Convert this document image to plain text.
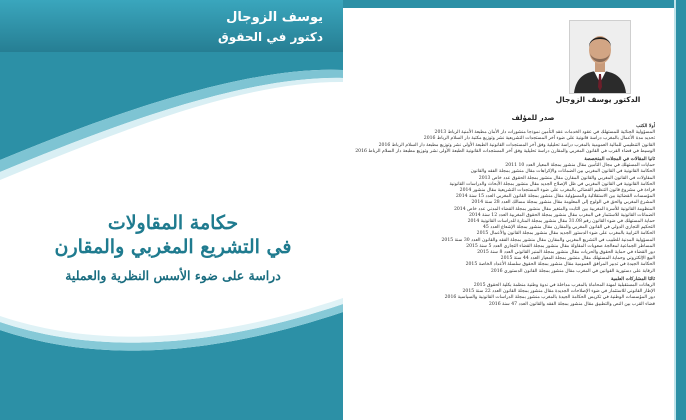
يوسف الزوجال
دكتور في الحقوق
حكامة المقاولات
في التشريع المغربي والمقارن
دراسة على ضوء الأسس النظرية والعملية
الدكتور يوسف الزوجال
صدر للمؤلف

أولا الكتب

المسؤولية الجنائية للمستهلك في عقود الخدمات عقد التأمين نموذجا منشورات دار الأمان مطبعة الأمنية الرباط 2013

تحديد مدة الأعمال بالمغرب دراسة قانونية على ضوء آخر المستجدات التشريعية نشر وتوزيع مكتبة دار السلام الرباط 2016

القانون التنظيمي للمالية العمومية بالمغرب دراسة تحليلية وفق آخر المستجدات القانونية الطبعة الأولى نشر وتوزيع مطبعة دار السلام الرباط 2016

الوسيط في قضاء القرب في القانون المغربي والمقارن دراسة تحليلية وفق آخر المستجدات القانونية الطبعة الأولى نشر وتوزيع مطبعة دار السلام الرباط 2016

ثانيا المقالات في المجلات المتخصصة

حمايات المستهلك في مجال التأمين مقال منشور بمجلة المعيار العدد 10 2011

الحكامة القانونية في القانون المغربي بين الضمانات والإكراهات مقال منشور بمجلة الفقه والقانون

المقاولات في القانون المغربي والقانون المقارن مقال منشور بمجلة الحقوق عدد خاص 2013

الحكامة القانونية في القانون المغربي في ظل الإصلاح الجديد مقال منشور بمجلة الأبحاث والدراسات القانونية

قراءة في مشروع قانون التنظيم القضائي بالمغرب على ضوء المستجدات التشريعية مقال منشور 2014

المؤسسات القضائية بين الاستقلالية والمسؤولية مقال منشور بمجلة القانون المغربي العدد 15 سنة 2014

المشرع المغربي والحق في الولوج إلى المعلومة مقال منشور بمجلة مسالك العدد 28 سنة 2014

المنظومة القانونية للأسرة المغربية بين الثابت والمتغير مقال منشور بمجلة القضاء المدني عدد خاص 2014

الضمانات القانونية للاستثمار في المغرب مقال منشور بمجلة الحقوق المغربية العدد 12 سنة 2014

حماية المستهلك في ضوء القانون رقم 31.08 مقال منشور بمجلة المنارة للدراسات القانونية 2014

التحكيم التجاري الدولي في القانون المغربي والمقارن مقال منشور بمجلة الإشعاع العدد 45

الحكامة الترابية بالمغرب على ضوء الدستور الجديد مقال منشور بمجلة القانون والأعمال 2015

المسؤولية المدنية للطبيب في التشريع المغربي والمقارن مقال منشور بمجلة الفقه والقانون العدد 30 سنة 2015

المساطر الجماعية لمعالجة صعوبات المقاولة مقال منشور بمجلة القضاء التجاري العدد 5 سنة 2015

دور القضاء في حماية الحقوق والحريات مقال منشور بمجلة المنبر القانوني العدد 8 سنة 2015

البيع الإلكتروني وحماية المستهلك مقال منشور بمجلة المعيار العدد 44 سنة 2015

الحكامة الجيدة في تدبير المرافق العمومية مقال منشور بمجلة الحقوق سلسلة الأعداد الخاصة 2015

الرقابة على دستورية القوانين في المغرب مقال منشور بمجلة القانون الدستوري 2016

ثالثا المشاركات العلمية

الرهانات المستقبلية لمهنة المحاماة بالمغرب مداخلة في ندوة وطنية منظمة بكلية الحقوق 2015

الإطار القانوني للاستثمار في ضوء الإصلاحات الجديدة مقال منشور بمجلة القانون العدد 22 سنة 2015

دور المؤسسات الوطنية في تكريس الحكامة الجيدة بالمغرب منشور بمجلة الدراسات القانونية والسياسية 2016

قضاء القرب بين النص والتطبيق مقال منشور بمجلة الفقه والقانون العدد 47 سنة 2016
